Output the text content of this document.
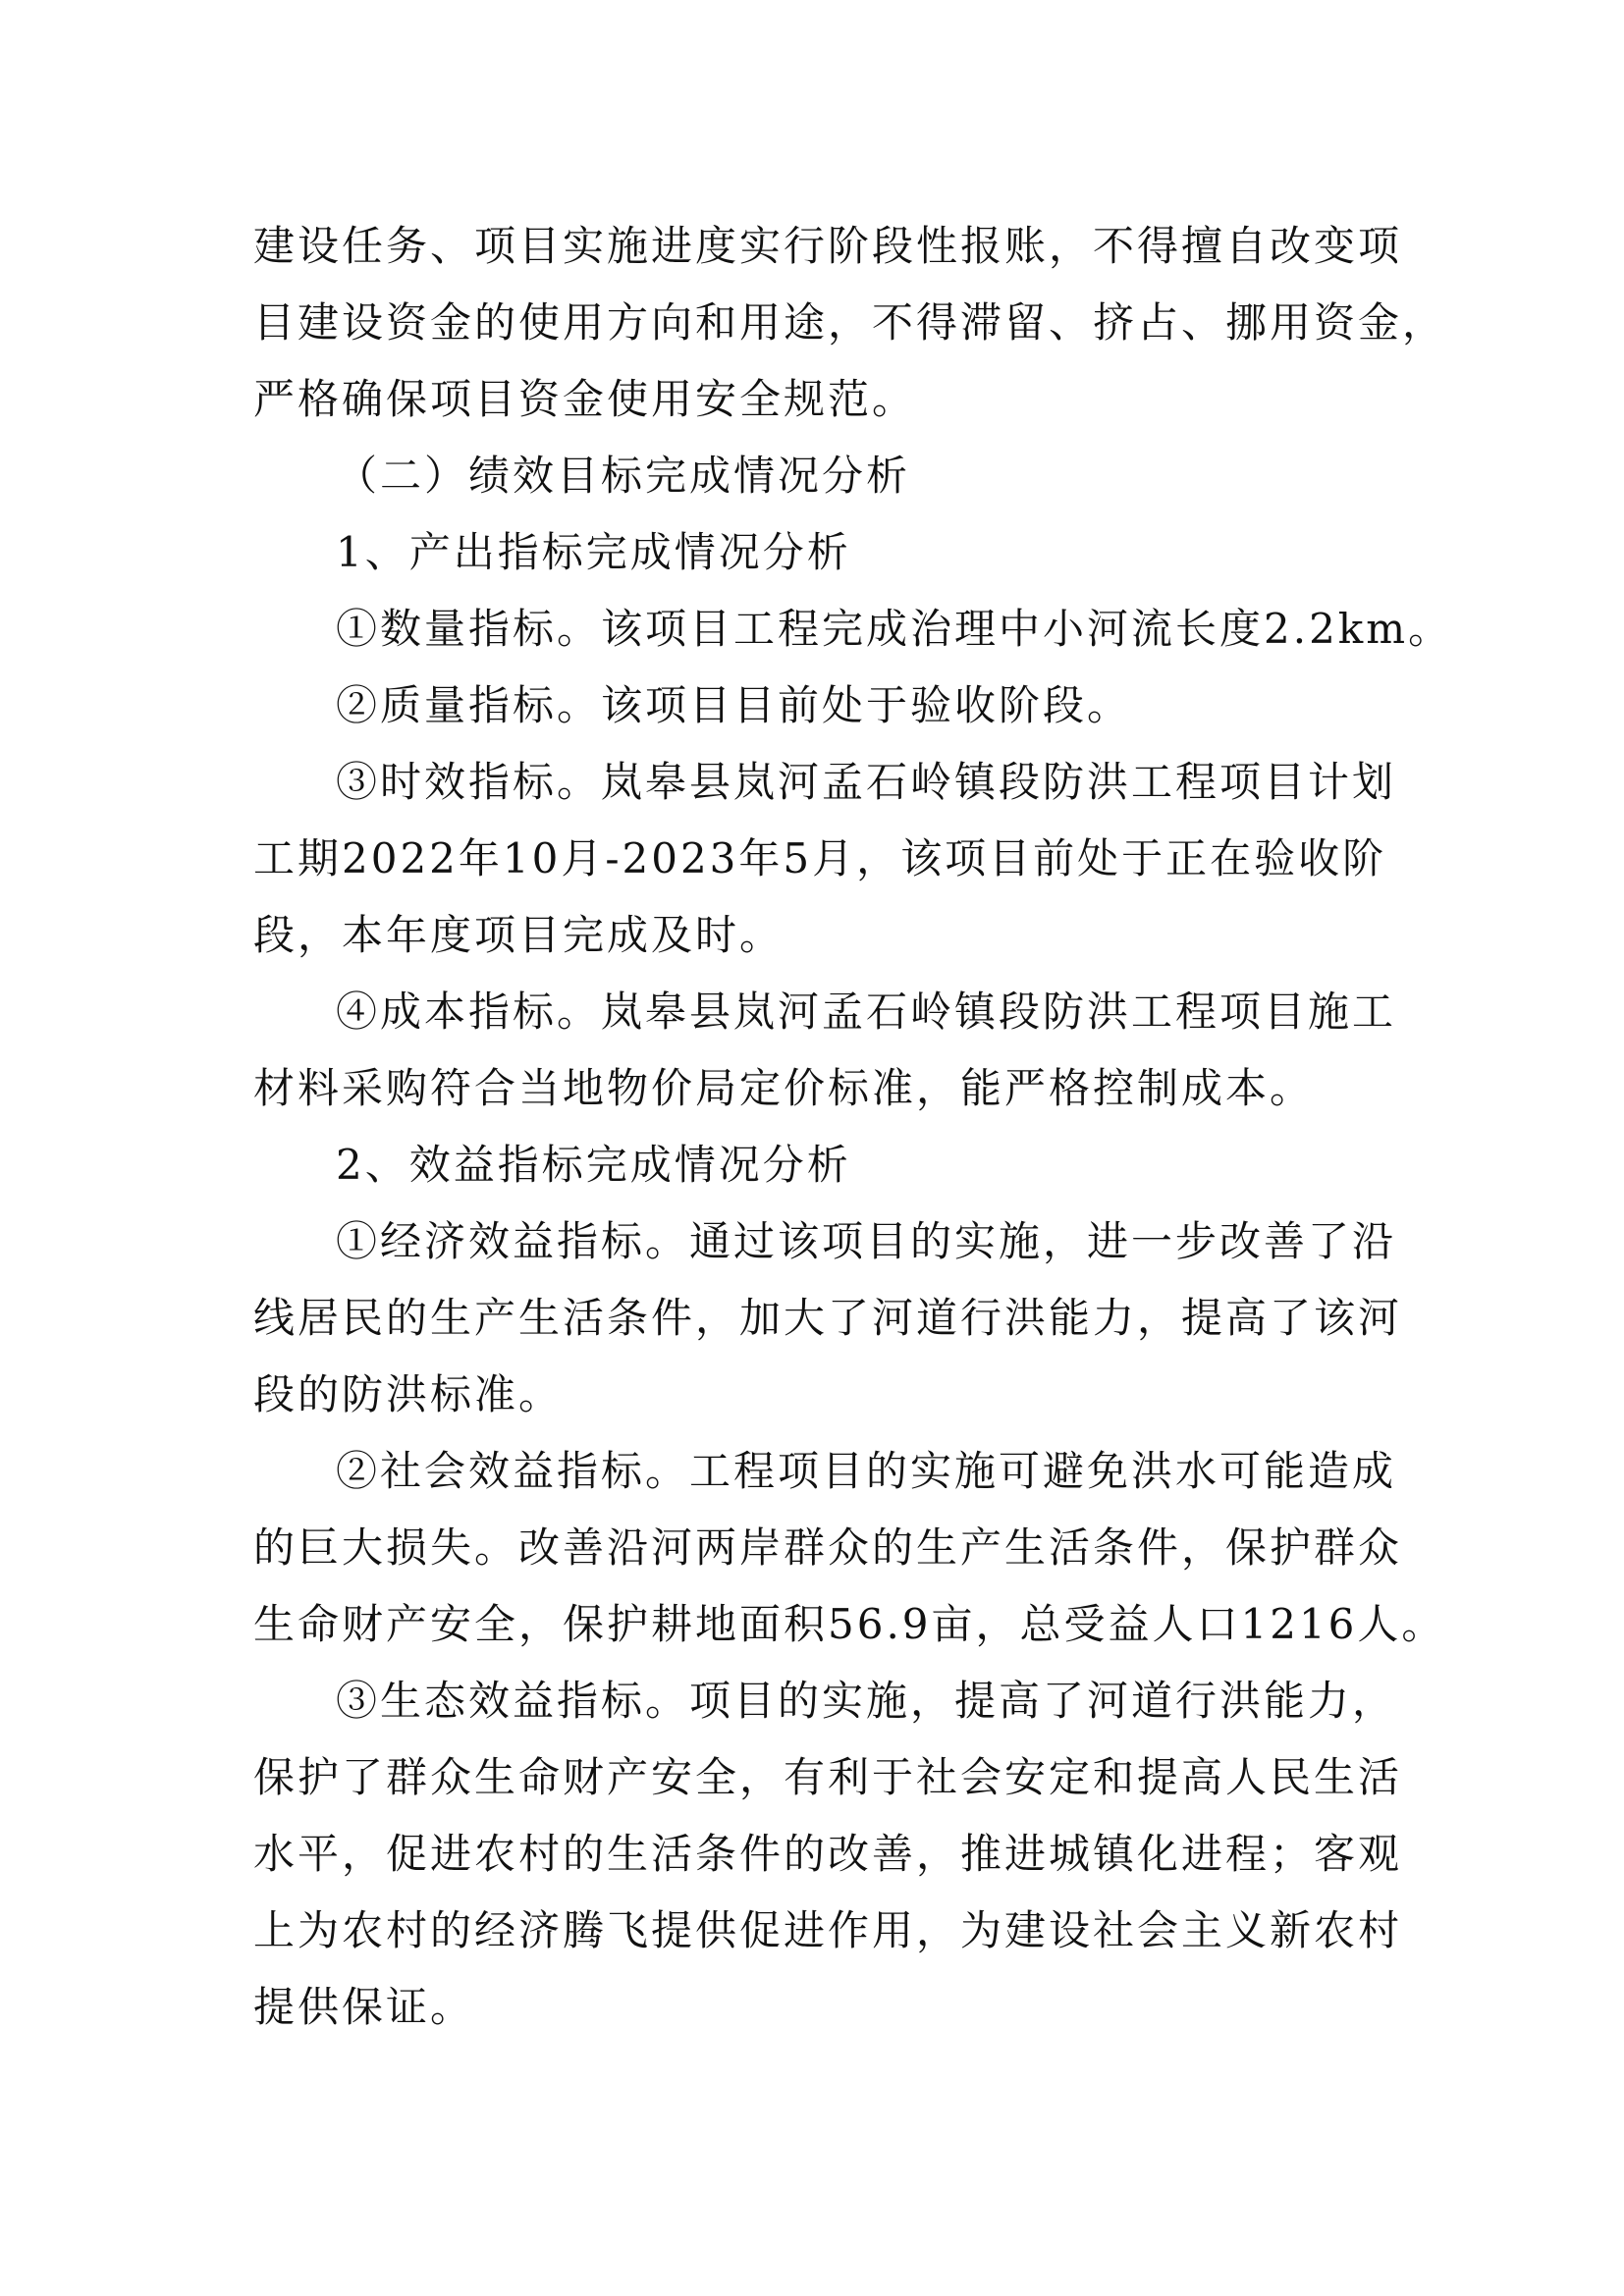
建设任务、项目实施进度实行阶段性报账，不得擅自改变项
目建设资金的使用方向和用途，不得滞留、挤占、挪用资金，
严格确保项目资金使用安全规范。
（二）绩效目标完成情况分析
1、产出指标完成情况分析
①数量指标。该项目工程完成治理中小河流长度2.2km。
②质量指标。该项目目前处于验收阶段。
③时效指标。岚皋县岚河孟石岭镇段防洪工程项目计划
工期2022年10月-2023年5月，该项目前处于正在验收阶
段，本年度项目完成及时。
④成本指标。岚皋县岚河孟石岭镇段防洪工程项目施工
材料采购符合当地物价局定价标准，能严格控制成本。
2、效益指标完成情况分析
①经济效益指标。通过该项目的实施，进一步改善了沿
线居民的生产生活条件，加大了河道行洪能力，提高了该河
段的防洪标准。
②社会效益指标。工程项目的实施可避免洪水可能造成
的巨大损失。改善沿河两岸群众的生产生活条件，保护群众
生命财产安全，保护耕地面积56.9亩，总受益人口1216人。
③生态效益指标。项目的实施，提高了河道行洪能力，
保护了群众生命财产安全，有利于社会安定和提高人民生活
水平，促进农村的生活条件的改善，推进城镇化进程；客观
上为农村的经济腾飞提供促进作用，为建设社会主义新农村
提供保证。
